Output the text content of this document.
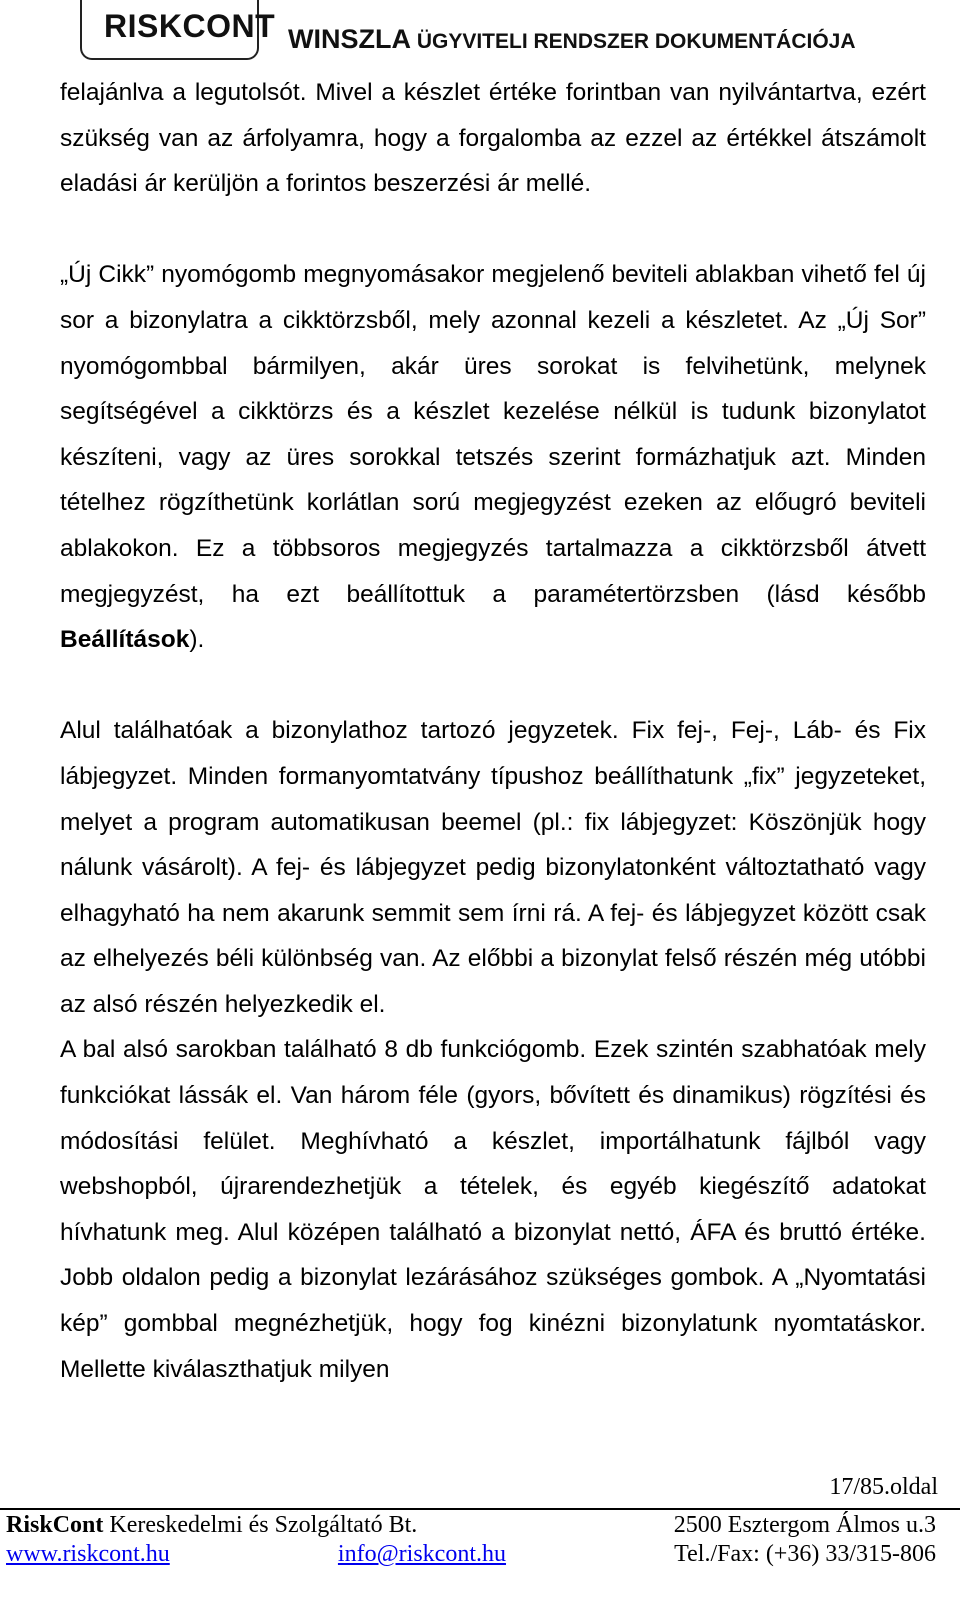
RISKCONT WINSZLA ÜGYVITELI RENDSZER DOKUMENTÁCIÓJA

felajánlva a legutolsót. Mivel a készlet értéke forintban van nyilvántartva, ezért szükség van az árfolyamra, hogy a forgalomba az ezzel az értékkel átszámolt eladási ár kerüljön a forintos beszerzési ár mellé.

„Új Cikk” nyomógomb megnyomásakor megjelenő beviteli ablakban vihető fel új sor a bizonylatra a cikktörzsből, mely azonnal kezeli a készletet. Az „Új Sor” nyomógombbal bármilyen, akár üres sorokat is felvihetünk, melynek segítségével a cikktörzs és a készlet kezelése nélkül is tudunk bizonylatot készíteni, vagy az üres sorokkal tetszés szerint formázhatjuk azt. Minden tételhez rögzíthetünk korlátlan sorú megjegyzést ezeken az előugró beviteli ablakokon. Ez a többsoros megjegyzés tartalmazza a cikktörzsből átvett megjegyzést, ha ezt beállítottuk a paramétertörzsben (lásd később Beállítások).

Alul találhatóak a bizonylathoz tartozó jegyzetek. Fix fej-, Fej-, Láb- és Fix lábjegyzet. Minden formanyomtatvány típushoz beállíthatunk „fix” jegyzeteket, melyet a program automatikusan beemel (pl.: fix lábjegyzet: Köszönjük hogy nálunk vásárolt). A fej- és lábjegyzet pedig bizonylatonként változtatható vagy elhagyható ha nem akarunk semmit sem írni rá. A fej- és lábjegyzet között csak az elhelyezés béli különbség van. Az előbbi a bizonylat felső részén még utóbbi az alsó részén helyezkedik el.

A bal alsó sarokban található 8 db funkciógomb. Ezek szintén szabhatóak mely funkciókat lássák el. Van három féle (gyors, bővített és dinamikus) rögzítési és módosítási felület. Meghívható a készlet, importálhatunk fájlból vagy webshopból, újrarendezhetjük a tételek, és egyéb kiegészítő adatokat hívhatunk meg. Alul középen található a bizonylat nettó, ÁFA és bruttó értéke. Jobb oldalon pedig a bizonylat lezárásához szükséges gombok. A „Nyomtatási kép” gombbal megnézhetjük, hogy fog kinézni bizonylatunk nyomtatáskor. Mellette kiválaszthatjuk milyen

17/85.oldal
RiskCont Kereskedelmi és Szolgáltató Bt.	2500 Esztergom Álmos u.3
www.riskcont.hu	info@riskcont.hu	Tel./Fax: (+36) 33/315-806
